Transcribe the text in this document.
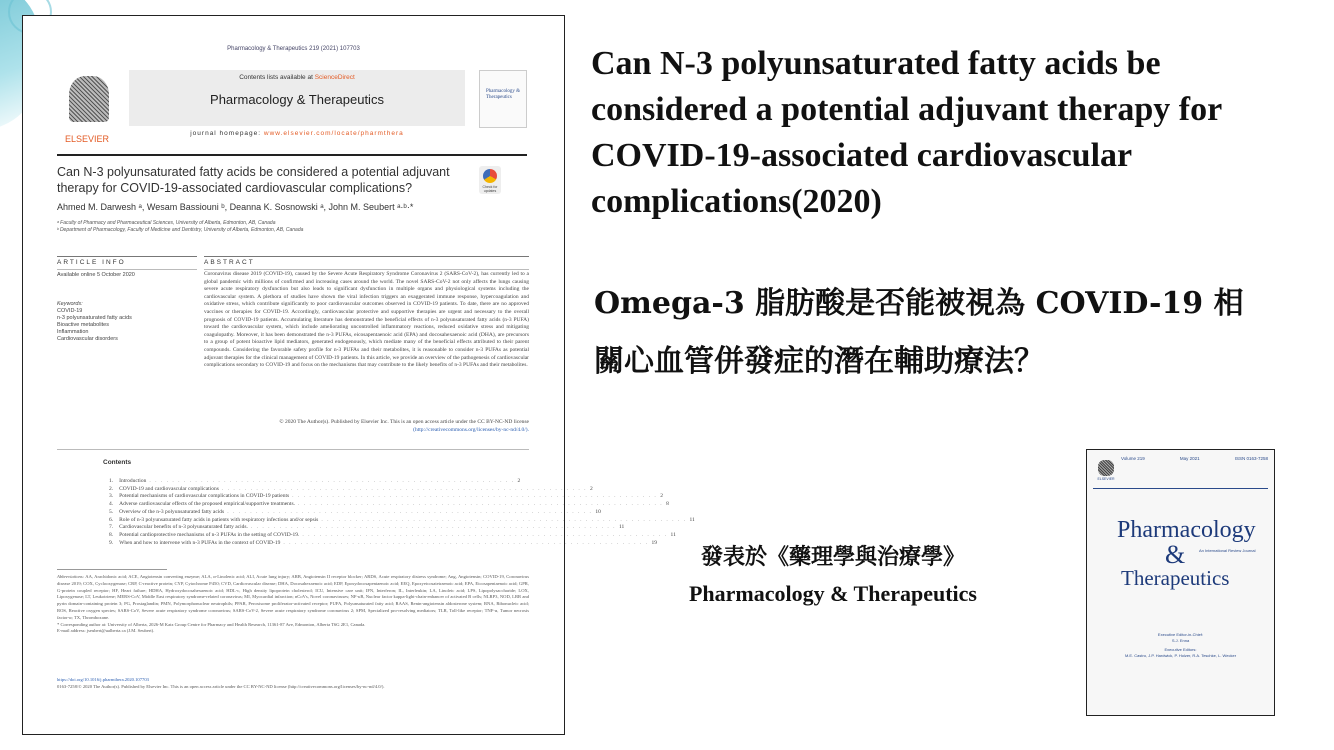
Pharmacology & Therapeutics 219 (2021) 107703
ELSEVIER
Contents lists available at ScienceDirect
Pharmacology & Therapeutics
journal homepage: www.elsevier.com/locate/pharmthera
Pharmacology & Therapeutics
Can N-3 polyunsaturated fatty acids be considered a potential adjuvant therapy for COVID-19-associated cardiovascular complications?	Check for updates
Ahmed M. Darwesh ᵃ, Wesam Bassiouni ᵇ, Deanna K. Sosnowski ᵃ, John M. Seubert ᵃ·ᵇ·*
ᵃ Faculty of Pharmacy and Pharmaceutical Sciences, University of Alberta, Edmonton, AB, Canada
ᵇ Department of Pharmacology, Faculty of Medicine and Dentistry, University of Alberta, Edmonton, AB, Canada
ARTICLE INFO	ABSTRACT
Available online 5 October 2020
Keywords:
COVID-19
n-3 polyunsaturated fatty acids
Bioactive metabolites
Inflammation
Cardiovascular disorders
Coronavirus disease 2019 (COVID-19), caused by the Severe Acute Respiratory Syndrome Coronavirus 2 (SARS-CoV-2), has currently led to a global pandemic with millions of confirmed and increasing cases around the world. The novel SARS-CoV-2 not only affects the lungs causing severe acute respiratory dysfunction but also leads to significant dysfunction in multiple organs and physiological systems including the cardiovascular system. A plethora of studies have shown the viral infection triggers an exaggerated immune response, hypercoagulation and oxidative stress, which contribute significantly to poor cardiovascular outcomes observed in COVID-19 patients. To date, there are no approved vaccines or therapies for COVID-19. Accordingly, cardiovascular protective and supportive therapies are urgent and necessary to the overall prognosis of COVID-19 patients. Accumulating literature has demonstrated the beneficial effects of n-3 polyunsaturated fatty acids (n-3 PUFA) toward the cardiovascular system, which include ameliorating uncontrolled inflammatory reactions, reduced oxidative stress and mitigating coagulopathy. Moreover, it has been demonstrated the n-3 PUFAs, eicosapentaenoic acid (EPA) and docosahexaenoic acid (DHA), are precursors to a group of potent bioactive lipid mediators, generated endogenously, which mediate many of the beneficial effects attributed to their parent compounds. Considering the favorable safety profile for n-3 PUFAs and their metabolites, it is reasonable to consider n-3 PUFAs as potential adjuvant therapies for the clinical management of COVID-19 patients. In this article, we provide an overview of the pathogenesis of cardiovascular complications secondary to COVID-19 and focus on the mechanisms that may contribute to the likely benefits of n-3 PUFAs and their metabolites.
© 2020 The Author(s). Published by Elsevier Inc. This is an open access article under the CC BY-NC-ND license
(http://creativecommons.org/licenses/by-nc-nd/4.0/).
Contents
1. Introduction . . . . . . . . . . . . . . . . . . . . . . . . . . . . . . . . . . . . . . . . . . . . . . . . . . . . . . . . . . . . . . . . 2
2. COVID-19 and cardiovascular complications . . . . . . . . . . . . . . . . . . . . . . . . . . . . . . . . . . . . . . . . . . . . . . . . . . . . . . . . . . . . . . . . 2
3. Potential mechanisms of cardiovascular complications in COVID-19 patients . . . . . . . . . . . . . . . . . . . . . . . . . . . . . . . . . . . . . . . . . . . . . . . . . . . . . . . . . . . . . . . . 2
4. Adverse cardiovascular effects of the proposed empirical/supportive treatments. . . . . . . . . . . . . . . . . . . . . . . . . . . . . . . . . . . . . . . . . . . . . . . . . . . . . . . . . . . . . . . . . 8
5. Overview of the n-3 polyunsaturated fatty acids . . . . . . . . . . . . . . . . . . . . . . . . . . . . . . . . . . . . . . . . . . . . . . . . . . . . . . . . . . . . . . . . 10
6. Role of n-3 polyunsaturated fatty acids in patients with respiratory infections and/or sepsis . . . . . . . . . . . . . . . . . . . . . . . . . . . . . . . . . . . . . . . . . . . . . . . . . . . . . . . . . . . . . . . . 11
7. Cardiovascular benefits of n-3 polyunsaturated fatty acids. . . . . . . . . . . . . . . . . . . . . . . . . . . . . . . . . . . . . . . . . . . . . . . . . . . . . . . . . . . . . . . . . 11
8. Potential cardioprotective mechanisms of n-3 PUFAs in the setting of COVID-19. . . . . . . . . . . . . . . . . . . . . . . . . . . . . . . . . . . . . . . . . . . . . . . . . . . . . . . . . . . . . . . . . 11
9. When and how to intervene with n-3 PUFAs in the context of COVID-19 . . . . . . . . . . . . . . . . . . . . . . . . . . . . . . . . . . . . . . . . . . . . . . . . . . . . . . . . . . . . . . . . 19
Abbreviations: AA, Arachidonic acid; ACE, Angiotensin converting enzyme; ALA, α-Linolenic acid; ALI, Acute lung injury; ARB, Angiotensin II receptor blocker; ARDS, Acute respiratory distress syndrome; Ang, Angiotensin; COVID-19, Coronavirus disease 2019; COX, Cyclooxygenase; CRP, C-reactive protein; CYP, Cytochrome P450; CVD, Cardiovascular disease; DHA, Docosahexaenoic acid; EDP, Epoxydocosapentaenoic acid; EEQ, Epoxyeicosatetraenoic acid; EPA, Eicosapentaenoic acid; GPR, G-protein coupled receptor; HF, Heart failure; HDHA, Hydroxydocosahexaenoic acid; HDL-c, High density lipoprotein cholesterol; ICU, Intensive care unit; IFN, Interferon; IL, Interleukin; LA, Linoleic acid; LPS, Lipopolysaccharide; LOX, Lipoxygenase; LT, Leukotriene; MERS-CoV, Middle East respiratory syndrome-related coronavirus; MI, Myocardial infarction; nCoVs, Novel coronaviruses; NF-κB, Nuclear factor kappa-light-chain-enhancer of activated B cells; NLRP3, NOD, LRR and pyrin domain-containing protein 3; PG, Prostaglandin; PMN, Polymorphonuclear neutrophils; PPAR, Peroxisome proliferator-activated receptor; PUFA, Polyunsaturated fatty acid; RAAS, Renin-angiotensin aldosterone system; RNA, Ribonucleic acid; ROS, Reactive oxygen species; SARS-CoV, Severe acute respiratory syndrome coronavirus; SARS-CoV-2, Severe acute respiratory syndrome coronavirus 2; SPM, Specialized pro-resolving mediators; TLR, Toll-like receptor; TNF-α, Tumor necrosis factor-α; TX, Thromboxane.
* Corresponding author at: University of Alberta, 2026-M Katz Group Centre for Pharmacy and Health Research, 11361-87 Ave, Edmonton, Alberta T6G 2E1, Canada.
E-mail address: jseubert@ualberta.ca (J.M. Seubert).
https://doi.org/10.1016/j.pharmthera.2020.107703
0163-7258/© 2020 The Author(s). Published by Elsevier Inc. This is an open access article under the CC BY-NC-ND license (http://creativecommons.org/licenses/by-nc-nd/4.0/).
Can N-3 polyunsaturated fatty acids be considered a potential adjuvant therapy for COVID-19-associated cardiovascular complications(2020)
Omega-3 脂肪酸是否能被視為 COVID-19 相
關心血管併發症的潛在輔助療法？
發表於《藥理學與治療學》
Pharmacology & Therapeutics
ELSEVIER
Volume 219	May 2021	ISSN 0163-7258
Pharmacology
&	An International Review Journal
Therapeutics
Executive Editor-in-Chief:
S.J. Enna
Executive Editors:
M.E. Castro, J.P. Hardwick, P. Holzer, R.A. Teschke, L. Wecker
